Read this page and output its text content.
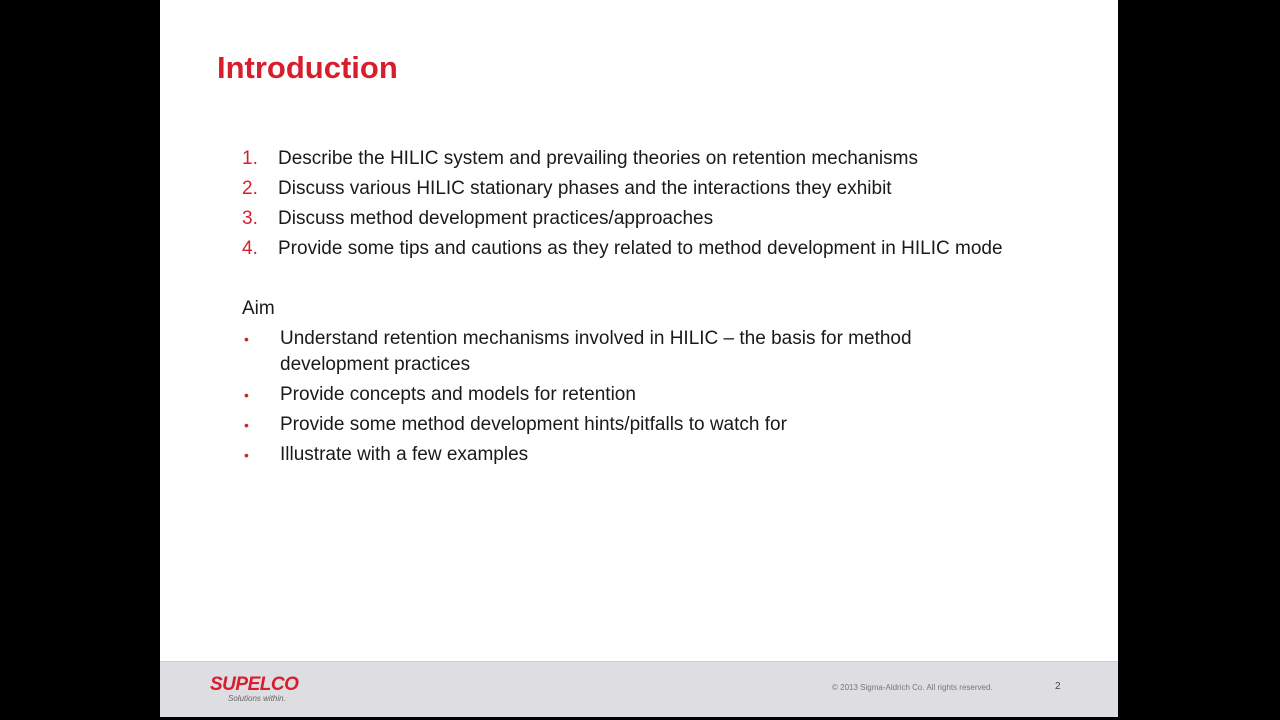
Introduction
1.	Describe the HILIC system and prevailing theories on retention mechanisms
2.	Discuss various HILIC stationary phases and the interactions they exhibit
3.	Discuss method development practices/approaches
4.	Provide some tips and cautions as they related to method development in HILIC mode
Aim
•	Understand retention mechanisms involved in HILIC – the basis for method development practices
•	Provide concepts and models for retention
•	Provide some method development hints/pitfalls to watch for
•	Illustrate with a few examples
SUPELCO
Solutions within.
© 2013 Sigma-Aldrich Co. All rights reserved.	2
